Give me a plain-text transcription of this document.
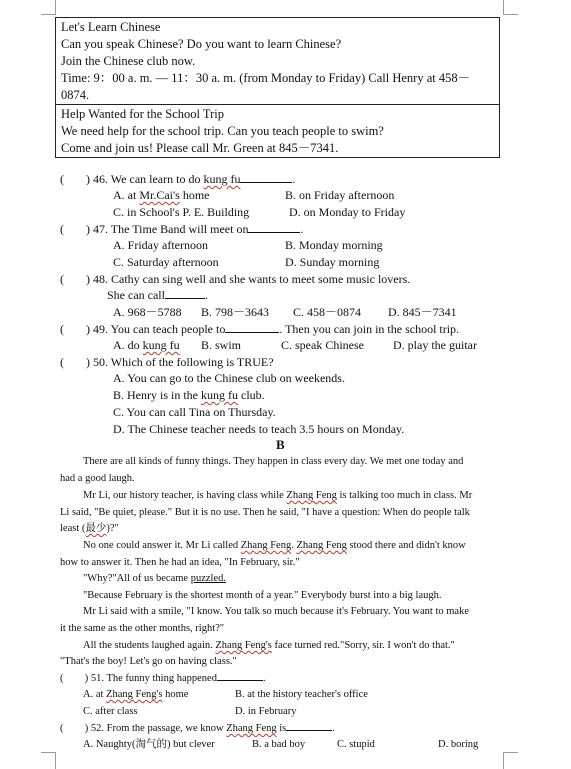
Let's Learn Chinese
Can you speak Chinese? Do you want to learn Chinese?
Join the Chinese club now.
Time: 9：00 a. m. — 11：30 a. m. (from Monday to Friday) Call Henry at 458－
0874.
Help Wanted for the School Trip
We need help for the school trip. Can you teach people to swim?
Come and join us! Please call Mr. Green at 845－7341.
( ) 46. We can learn to do kung fu	.
A. at Mr.Cai's home	B. on Friday afternoon
C. in School's P. E. Building	D. on Monday to Friday
( ) 47. The Time Band will meet on	.
A. Friday afternoon	B. Monday morning
C. Saturday afternoon	D. Sunday morning
( ) 48. Cathy can sing well and she wants to meet some music lovers.
She can call	.
A. 968－5788 B. 798－3643 C. 458－0874 D. 845－7341
( ) 49. You can teach people to	. Then you can join in the school trip.
A. do kung fu B. swim	C. speak Chinese D. play the guitar
( ) 50. Which of the following is TRUE?
A. You can go to the Chinese club on weekends.
B. Henry is in the kung fu club.
C. You can call Tina on Thursday.
D. The Chinese teacher needs to teach 3.5 hours on Monday.
B
There are all kinds of funny things. They happen in class every day. We met one today and
had a good laugh.
Mr Li, our history teacher, is having class while Zhang Feng is talking too much in class. Mr
Li said, "Be quiet, please." But it is no use. Then he said, "I have a question: When do people talk
least (最少)?"
No one could answer it. Mr Li called Zhang Feng. Zhang Feng stood there and didn't know
how to answer it. Then he had an idea, "In February, sir."
"Why?"All of us became puzzled.
"Because February is the shortest month of a year." Everybody burst into a big laugh.
Mr Li said with a smile, "I know. You talk so much because it's February. You want to make
it the same as the other months, right?"
All the students laughed again. Zhang Feng's face turned red."Sorry, sir. I won't do that."
"That's the boy! Let's go on having class."
( ) 51. The funny thing happened	.
A. at Zhang Feng's home	B. at the history teacher's office
C. after class	D. in February
( ) 52. From the passage, we know Zhang Feng is	.
A. Naughty(淘气的) but clever	B. a bad boy	C. stupid	D. boring
